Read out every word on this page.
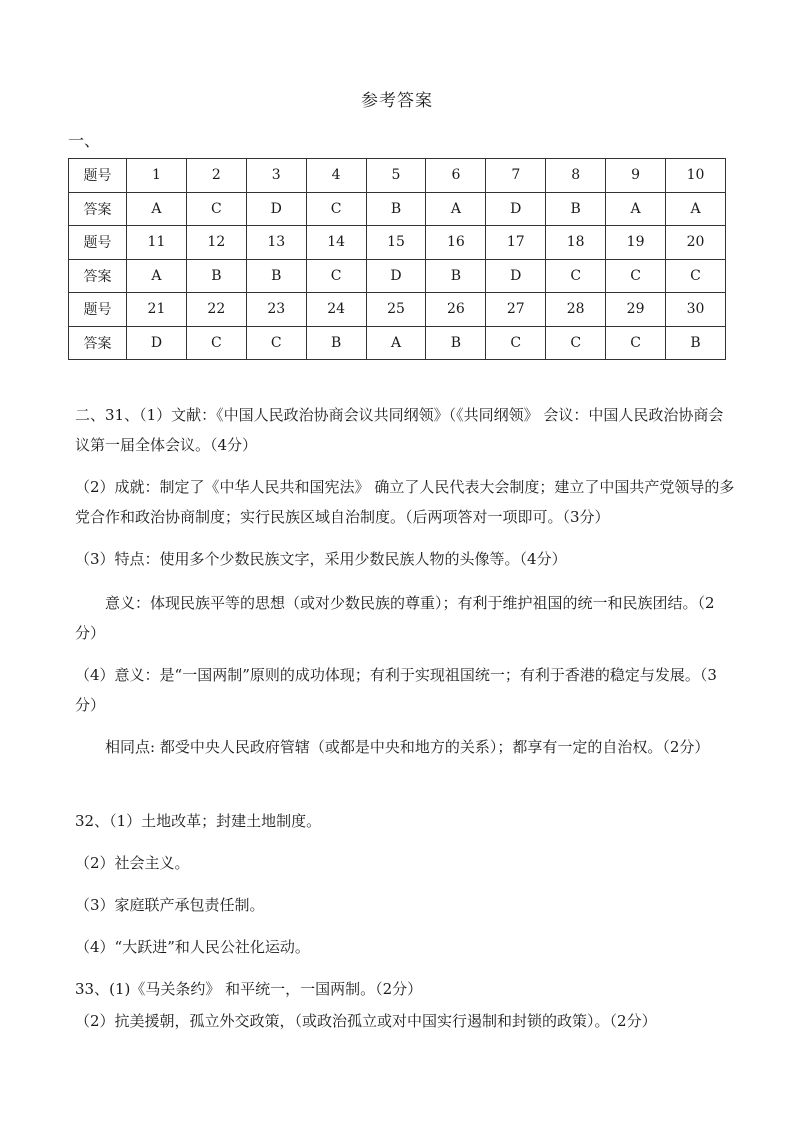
参考答案
一、
题号	1	2	3	4	5	6	7	8	9	10
答案	A	C	D	C	B	A	D	B	A	A
题号	11	12	13	14	15	16	17	18	19	20
答案	A	B	B	C	D	B	D	C	C	C
题号	21	22	23	24	25	26	27	28	29	30
答案	D	C	C	B	A	B	C	C	C	B

二、31、（1）文献：《中国人民政治协商会议共同纲领》（《共同纲领》 会议：中国人民政治协商会议第一届全体会议。（4分）

（2）成就：制定了《中华人民共和国宪法》 确立了人民代表大会制度；建立了中国共产党领导的多党合作和政治协商制度；实行民族区域自治制度。（后两项答对一项即可。（3分）

（3）特点：使用多个少数民族文字，采用少数民族人物的头像等。（4分）

意义：体现民族平等的思想（或对少数民族的尊重）；有利于维护祖国的统一和民族团结。（2分）

（4）意义：是“一国两制”原则的成功体现；有利于实现祖国统一；有利于香港的稳定与发展。（3分）

相同点: 都受中央人民政府管辖（或都是中央和地方的关系）；都享有一定的自治权。（2分）

32、（1）土地改革；封建土地制度。

（2）社会主义。

（3）家庭联产承包责任制。

（4）“大跃进”和人民公社化运动。

33、(1)《马关条约》 和平统一，一国两制。（2分）

（2）抗美援朝，孤立外交政策，（或政治孤立或对中国实行遏制和封锁的政策）。（2分）
